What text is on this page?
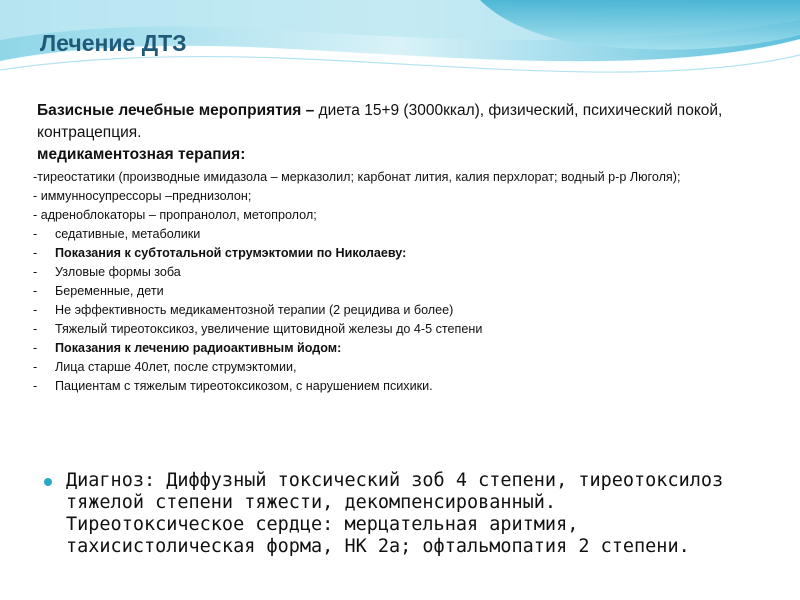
Лечение ДТЗ
Базисные лечебные мероприятия – диета 15+9 (3000ккал), физический, психический покой, контрацепция.
медикаментозная терапия:
-тиреостатики (производные имидазола – мерказолил; карбонат лития, калия перхлорат; водный р-р Люголя);
- иммунносупрессоры –преднизолон;
- адреноблокаторы – пропранолол, метопролол;
-	седативные, метаболики
-	Показания к субтотальной струмэктомии по Николаеву:
-	Узловые формы зоба
-	Беременные, дети
-	Не эффективность медикаментозной терапии (2 рецидива и более)
-	Тяжелый тиреотоксикоз, увеличение щитовидной железы до 4-5 степени
-	Показания к лечению радиоактивным йодом:
-	Лица старше 40лет, после струмэктомии,
-	Пациентам с тяжелым тиреотоксикозом, с нарушением психики.
Диагноз: Диффузный токсический зоб 4 степени, тиреотоксилоз тяжелой степени тяжести, декомпенсированный. Тиреотоксическое сердце: мерцательная аритмия, тахисистолическая форма, НК 2а; офтальмопатия 2 степени.
